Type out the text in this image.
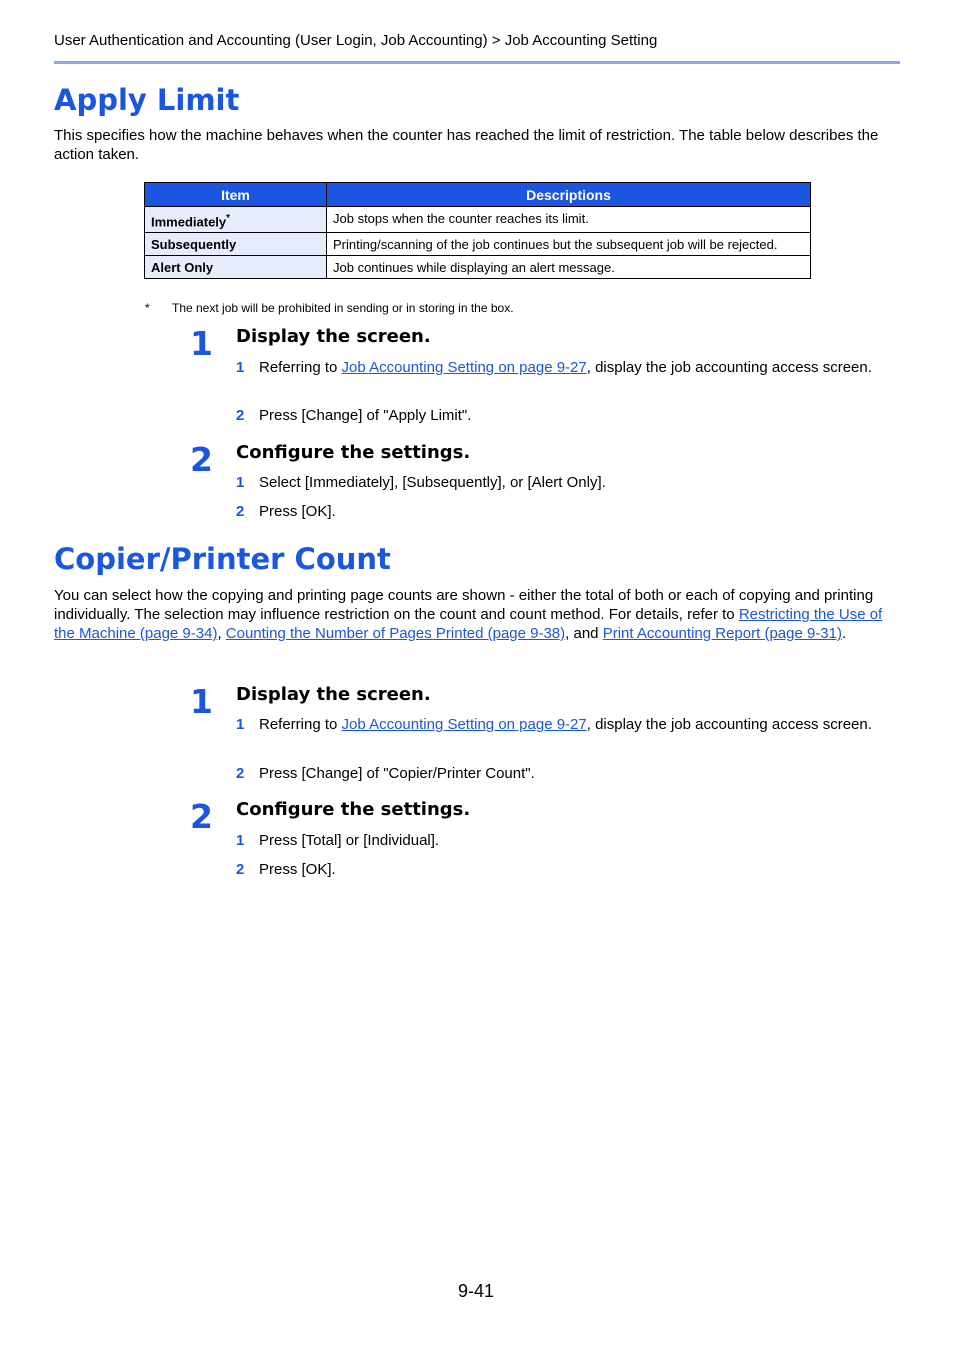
User Authentication and Accounting (User Login, Job Accounting) > Job Accounting Setting
Apply Limit

This specifies how the machine behaves when the counter has reached the limit of restriction. The table below describes the action taken.

Item	Descriptions
Immediately*	Job stops when the counter reaches its limit.
Subsequently	Printing/scanning of the job continues but the subsequent job will be rejected.
Alert Only	Job continues while displaying an alert message.
* The next job will be prohibited in sending or in storing in the box.
1 Display the screen.
1 Referring to Job Accounting Setting on page 9-27, display the job accounting access screen.
2 Press [Change] of "Apply Limit".
2 Configure the settings.
1 Select [Immediately], [Subsequently], or [Alert Only].
2 Press [OK].
Copier/Printer Count

You can select how the copying and printing page counts are shown - either the total of both or each of copying and printing individually. The selection may influence restriction on the count and count method. For details, refer to Restricting the Use of the Machine (page 9-34), Counting the Number of Pages Printed (page 9-38), and Print Accounting Report (page 9-31).

1 Display the screen.
1 Referring to Job Accounting Setting on page 9-27, display the job accounting access screen.
2 Press [Change] of "Copier/Printer Count".
2 Configure the settings.
1 Press [Total] or [Individual].
2 Press [OK].
9-41
